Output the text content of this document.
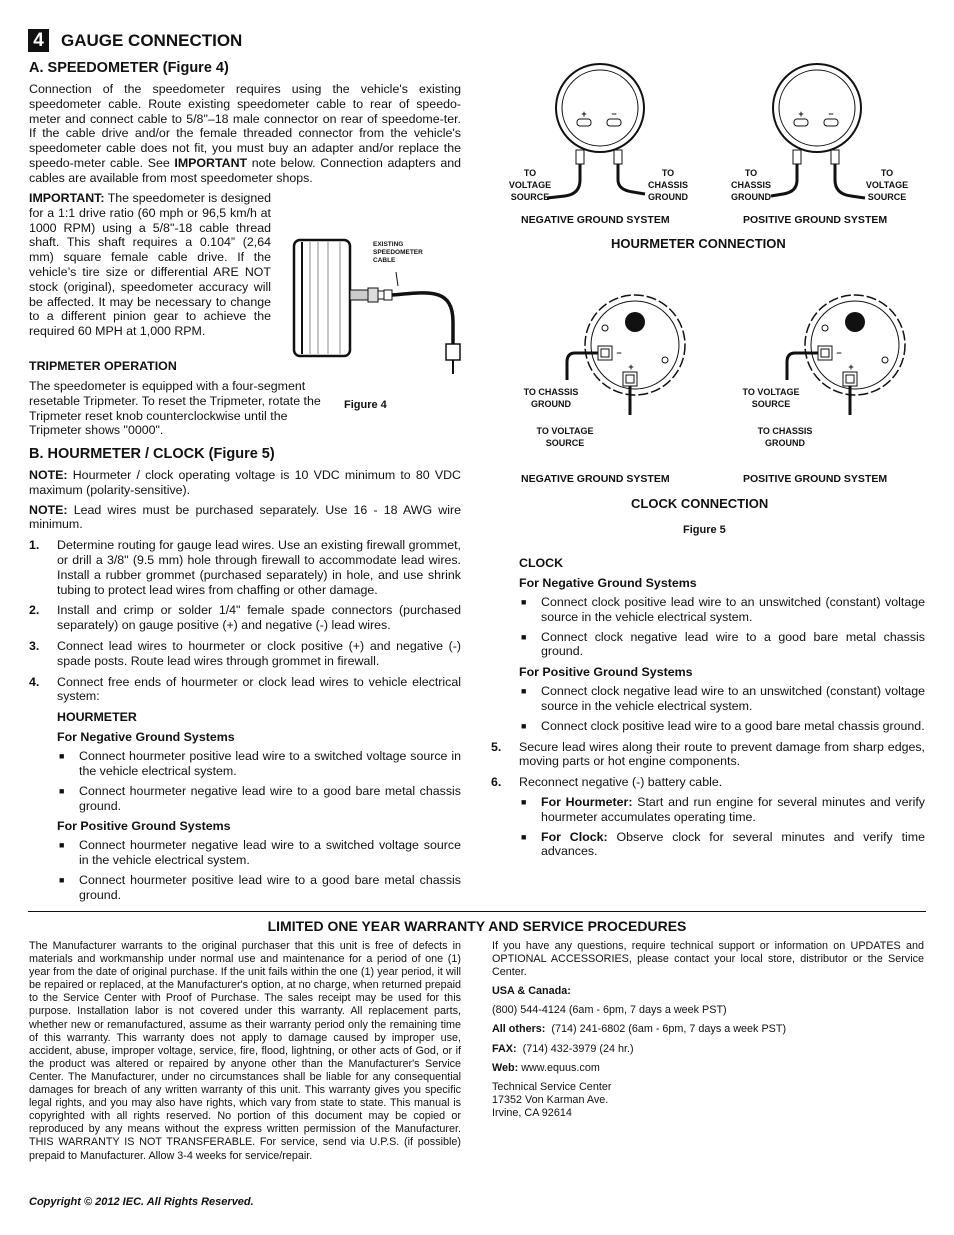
4	GAUGE CONNECTION
A. SPEEDOMETER (Figure 4)

Connection of the speedometer requires using the vehicle's existing speedometer cable. Route existing speedometer cable to rear of speedo-meter and connect cable to 5/8"–18 male connector on rear of speedome-ter. If the cable drive and/or the female threaded connector from the vehicle's speedometer cable does not fit, you must buy an adapter and/or replace the speedo-meter cable. See IMPORTANT note below. Connection adapters and cables are available from most speedometer shops.

IMPORTANT: The speedometer is designed for a 1:1 drive ratio (60 mph or 96,5 km/h at 1000 RPM) using a 5/8"-18 cable thread shaft. This shaft requires a 0.104” (2,64 mm) square female cable drive. If the vehicle’s tire size or differential ARE NOT stock (original), speedometer accuracy will be affected. It may be necessary to change to a different pinion gear to achieve the required 60 MPH at 1,000 RPM.

TRIPMETER OPERATION

The speedometer is equipped with a four-segment resetable Tripmeter. To reset the Tripmeter, rotate the Tripmeter reset knob counterclockwise until the Tripmeter shows "0000".

EXISTING
SPEEDOMETER
CABLE
Figure 4
B. HOURMETER / CLOCK (Figure 5)

NOTE: Hourmeter / clock operating voltage is 10 VDC minimum to 80 VDC maximum (polarity-sensitive).

NOTE: Lead wires must be purchased separately. Use 16 - 18 AWG wire minimum.

1. Determine routing for gauge lead wires. Use an existing firewall grommet, or drill a 3/8" (9.5 mm) hole through firewall to accommodate lead wires. Install a rubber grommet (purchased separately) in hole, and use shrink tubing to protect lead wires from chaffing or other damage.
2. Install and crimp or solder 1/4" female spade connectors (purchased separately) on gauge positive (+) and negative (-) lead wires.
3. Connect lead wires to hourmeter or clock positive (+) and negative (-) spade posts. Route lead wires through grommet in firewall.
4. Connect free ends of hourmeter or clock lead wires to vehicle electrical system:
HOURMETER
For Negative Ground Systems
■ Connect hourmeter positive lead wire to a switched voltage source in the vehicle electrical system.
■ Connect hourmeter negative lead wire to a good bare metal chassis ground.
For Positive Ground Systems
■ Connect hourmeter negative lead wire to a switched voltage source in the vehicle electrical system.
■ Connect hourmeter positive lead wire to a good bare metal chassis ground.
+	−	+	−
TO
VOLTAGE
SOURCE
TO
CHASSIS
GROUND
TO
CHASSIS
GROUND
TO
VOLTAGE
SOURCE
NEGATIVE GROUND SYSTEM	POSITIVE GROUND SYSTEM
HOURMETER CONNECTION
+
−
+
−
TO CHASSIS
GROUND
TO VOLTAGE
SOURCE
TO VOLTAGE
SOURCE
TO CHASSIS
GROUND
NEGATIVE GROUND SYSTEM	POSITIVE GROUND SYSTEM
CLOCK CONNECTION
Figure 5
CLOCK
For Negative Ground Systems
■ Connect clock positive lead wire to an unswitched (constant) voltage source in the vehicle electrical system.
■ Connect clock negative lead wire to a good bare metal chassis ground.
For Positive Ground Systems
■ Connect clock negative lead wire to an unswitched (constant) voltage source in the vehicle electrical system.
■ Connect clock positive lead wire to a good bare metal chassis ground.
5. Secure lead wires along their route to prevent damage from sharp edges, moving parts or hot engine components.
6. Reconnect negative (-) battery cable.
■ For Hourmeter: Start and run engine for several minutes and verify hourmeter accumulates operating time.
■ For Clock: Observe clock for several minutes and verify time advances.
LIMITED ONE YEAR WARRANTY AND SERVICE PROCEDURES

The Manufacturer warrants to the original purchaser that this unit is free of defects in materials and workmanship under normal use and maintenance for a period of one (1) year from the date of original purchase. If the unit fails within the one (1) year period, it will be repaired or replaced, at the Manufacturer's option, at no charge, when returned prepaid to the Service Center with Proof of Purchase. The sales receipt may be used for this purpose. Installation labor is not covered under this warranty. All replacement parts, whether new or remanufactured, assume as their warranty period only the remaining time of this warranty. This warranty does not apply to damage caused by improper use, accident, abuse, improper voltage, service, fire, flood, lightning, or other acts of God, or if the product was altered or repaired by anyone other than the Manufacturer's Service Center. The Manufacturer, under no circumstances shall be liable for any consequential damages for breach of any written warranty of this unit. This warranty gives you specific legal rights, and you may also have rights, which vary from state to state. This manual is copyrighted with all rights reserved. No portion of this document may be copied or reproduced by any means without the express written permission of the Manufacturer. THIS WARRANTY IS NOT TRANSFERABLE. For service, send via U.P.S. (if possible) prepaid to Manufacturer. Allow 3-4 weeks for service/repair.

If you have any questions, require technical support or information on UPDATES and OPTIONAL ACCESSORIES, please contact your local store, distributor or the Service Center.

USA & Canada:

(800) 544-4124 (6am - 6pm, 7 days a week PST)

All others: (714) 241-6802 (6am - 6pm, 7 days a week PST)

FAX: (714) 432-3979 (24 hr.)

Web: www.equus.com

Technical Service Center

17352 Von Karman Ave.

Irvine, CA 92614

Copyright © 2012 IEC. All Rights Reserved.
